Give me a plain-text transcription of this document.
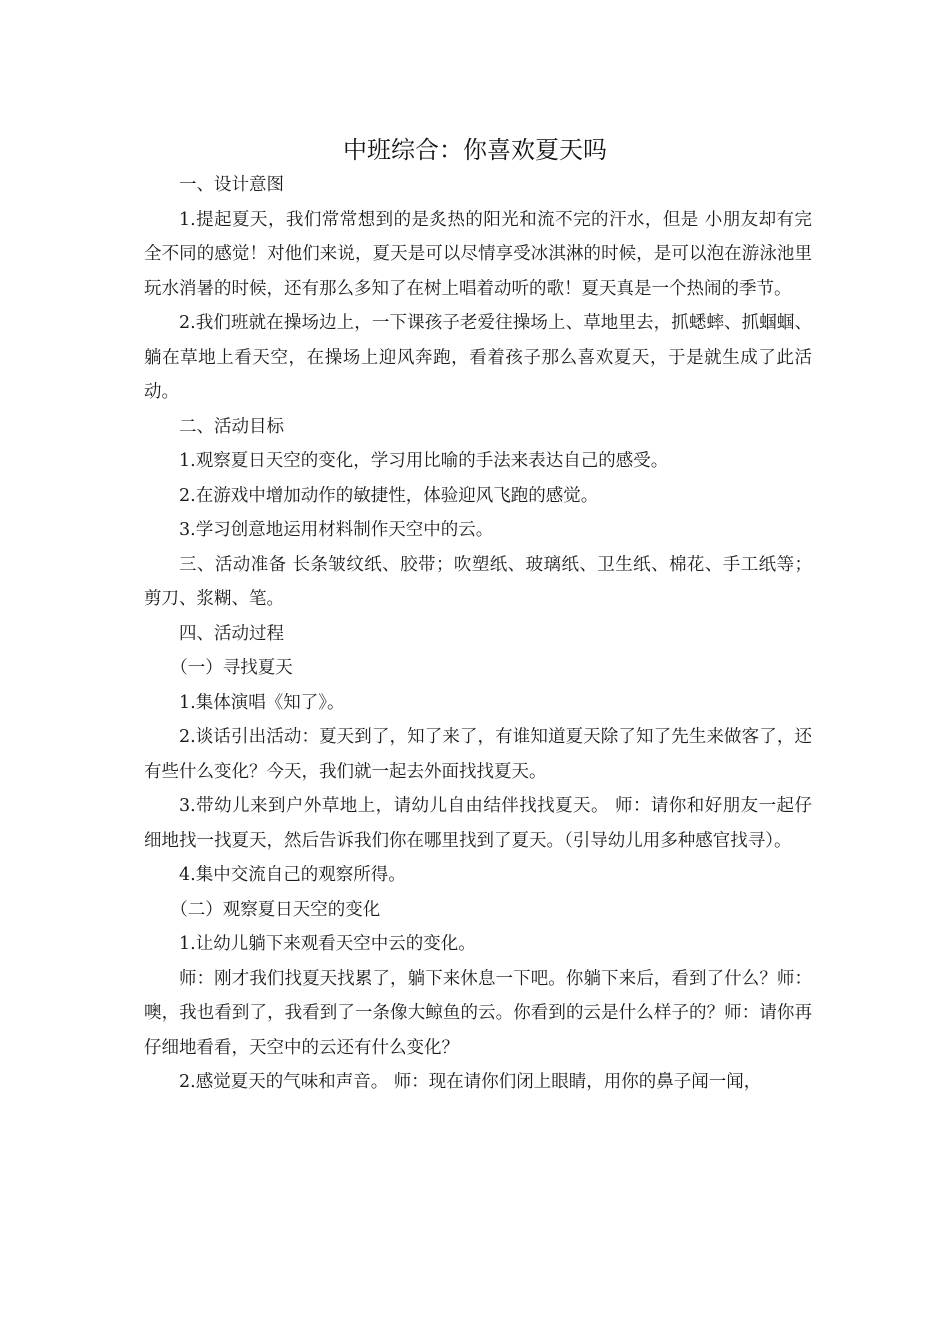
中班综合：你喜欢夏天吗

一、设计意图

1.提起夏天，我们常常想到的是炙热的阳光和流不完的汗水，但是 小朋友却有完全不同的感觉！对他们来说，夏天是可以尽情享受冰淇淋的时候，是可以泡在游泳池里玩水消暑的时候，还有那么多知了在树上唱着动听的歌！夏天真是一个热闹的季节。

2.我们班就在操场边上，一下课孩子老爱往操场上、草地里去，抓蟋蟀、抓蝈蝈、躺在草地上看天空，在操场上迎风奔跑，看着孩子那么喜欢夏天，于是就生成了此活动。

二、活动目标

1.观察夏日天空的变化，学习用比喻的手法来表达自己的感受。

2.在游戏中增加动作的敏捷性，体验迎风飞跑的感觉。

3.学习创意地运用材料制作天空中的云。

三、活动准备 长条皱纹纸、胶带；吹塑纸、玻璃纸、卫生纸、棉花、手工纸等；剪刀、浆糊、笔。

四、活动过程

（一）寻找夏天

1.集体演唱《知了》。

2.谈话引出活动：夏天到了，知了来了，有谁知道夏天除了知了先生来做客了，还有些什么变化？今天，我们就一起去外面找找夏天。

3.带幼儿来到户外草地上，请幼儿自由结伴找找夏天。 师：请你和好朋友一起仔细地找一找夏天，然后告诉我们你在哪里找到了夏天。（引导幼儿用多种感官找寻）。

4.集中交流自己的观察所得。

（二）观察夏日天空的变化

1.让幼儿躺下来观看天空中云的变化。

师：刚才我们找夏天找累了，躺下来休息一下吧。你躺下来后，看到了什么？师：噢，我也看到了，我看到了一条像大鲸鱼的云。你看到的云是什么样子的？师：请你再仔细地看看，天空中的云还有什么变化？

2.感觉夏天的气味和声音。 师：现在请你们闭上眼睛，用你的鼻子闻一闻，
